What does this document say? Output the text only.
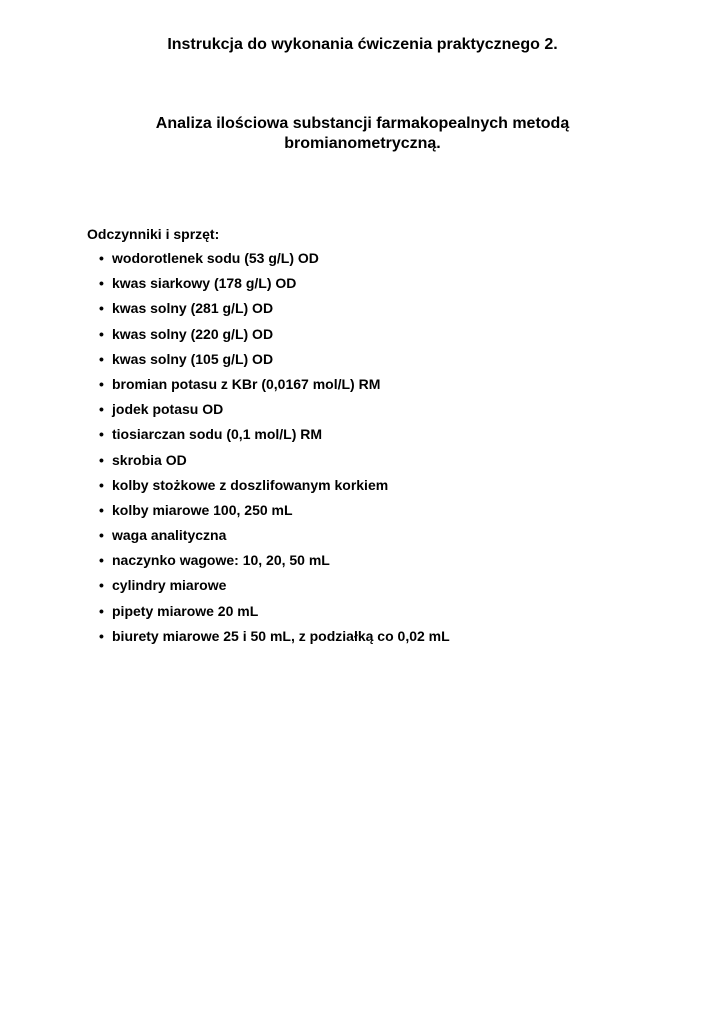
Instrukcja do wykonania ćwiczenia praktycznego 2.
Analiza ilościowa substancji farmakopealnych metodą
bromianometryczną.

Odczynniki i sprzęt:

• wodorotlenek sodu (53 g/L) OD
• kwas siarkowy (178 g/L) OD
• kwas solny (281 g/L) OD
• kwas solny (220 g/L) OD
• kwas solny (105 g/L) OD
• bromian potasu z KBr (0,0167 mol/L) RM
• jodek potasu OD
• tiosiarczan sodu (0,1 mol/L) RM
• skrobia OD
• kolby stożkowe z doszlifowanym korkiem
• kolby miarowe 100, 250 mL
• waga analityczna
• naczynko wagowe: 10, 20, 50 mL
• cylindry miarowe
• pipety miarowe 20 mL
• biurety miarowe 25 i 50 mL, z podziałką co 0,02 mL
